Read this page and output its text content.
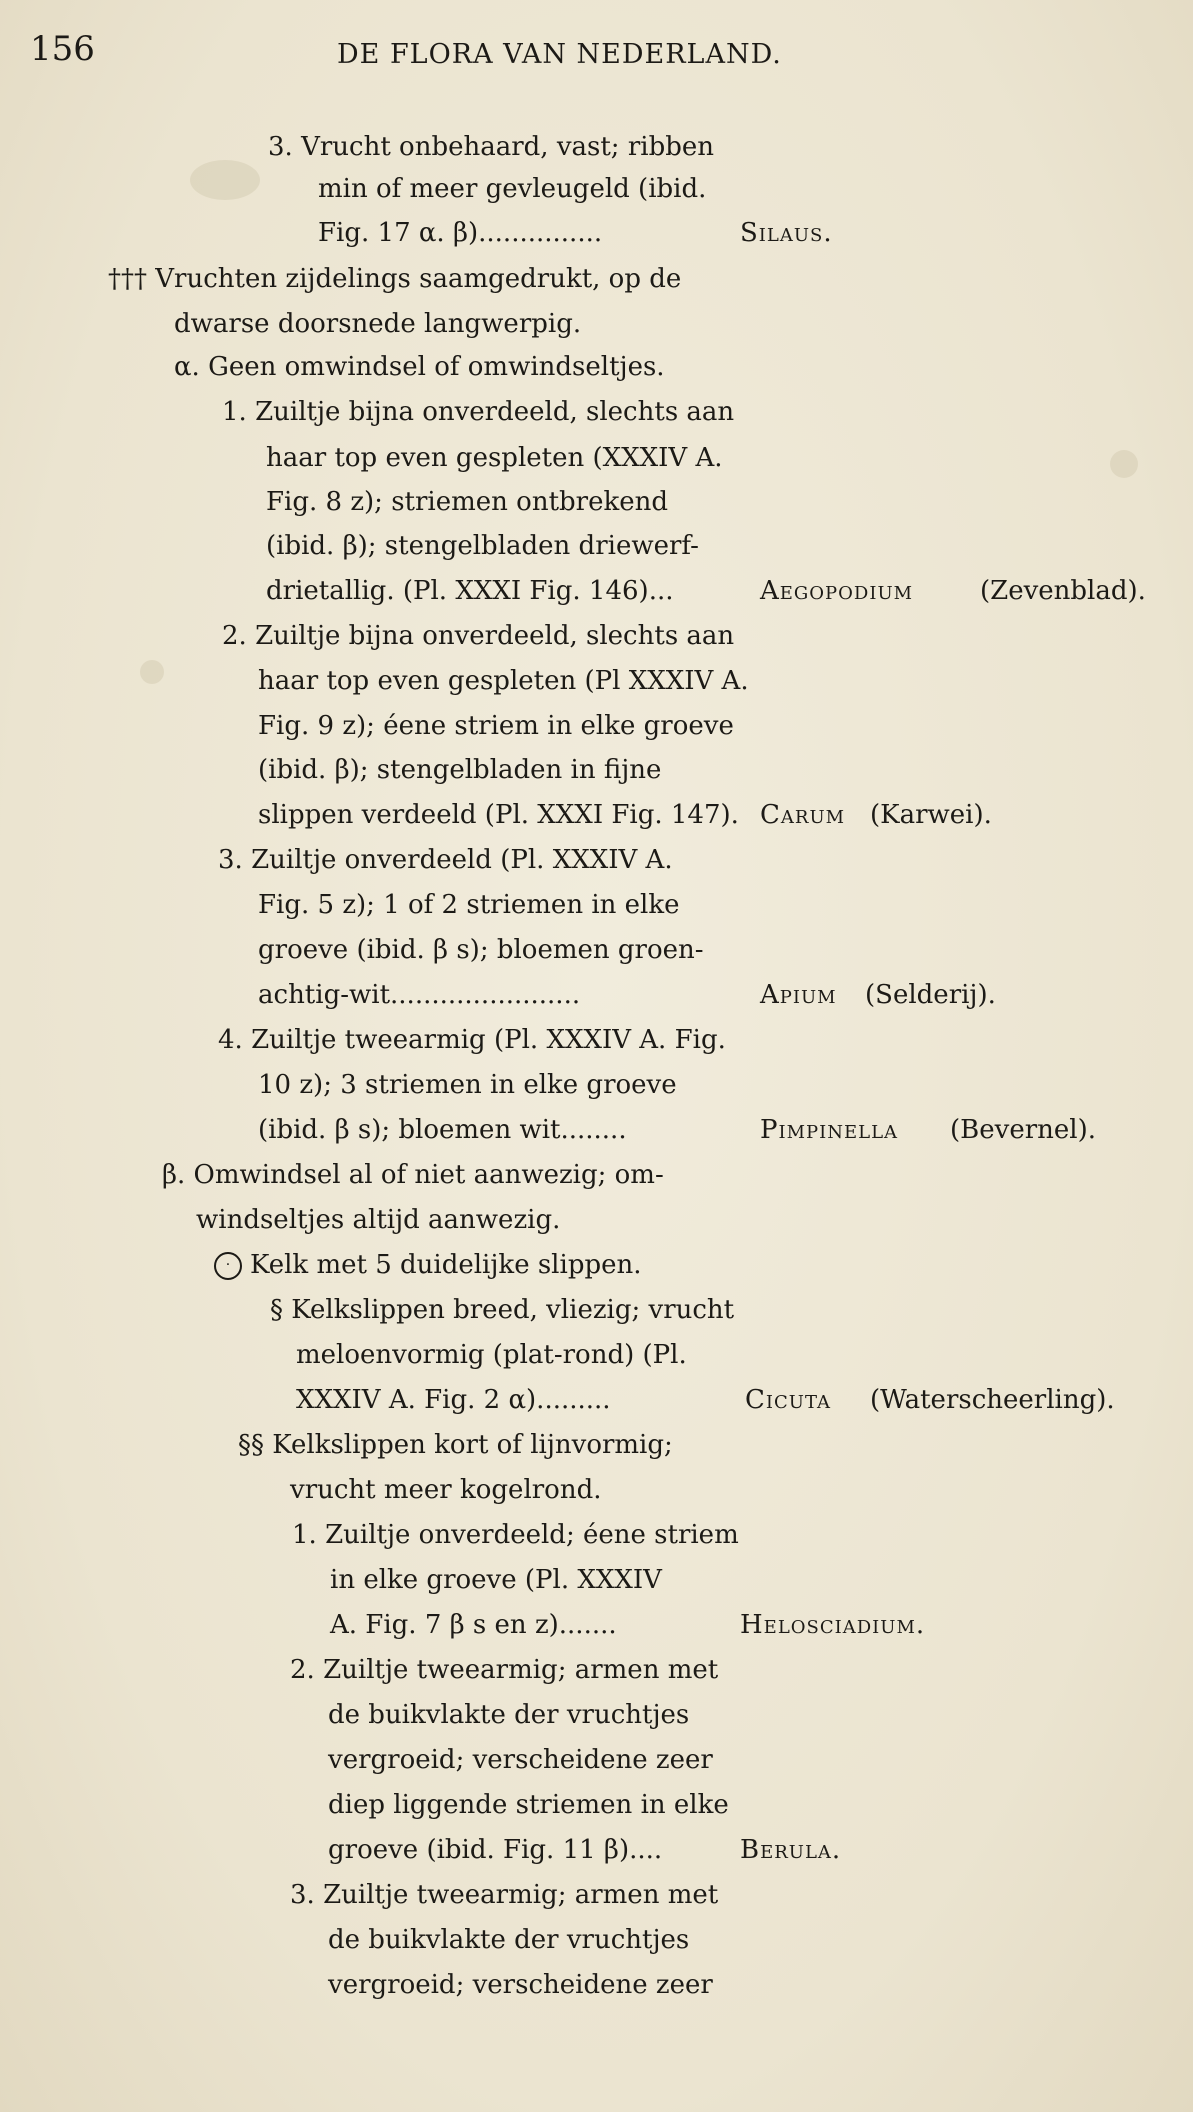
156	DE FLORA VAN NEDERLAND.
3. Vrucht onbehaard, vast; ribben
min of meer gevleugeld (ibid.
Fig. 17 α. β)...............	Silaus.
††† Vruchten zijdelings saamgedrukt, op de
dwarse doorsnede langwerpig.
α. Geen omwindsel of omwindseltjes.
1. Zuiltje bijna onverdeeld, slechts aan
haar top even gespleten (XXXIV A.
Fig. 8 z); striemen ontbrekend
(ibid. β); stengelbladen driewerf-
drietallig. (Pl. XXXI Fig. 146)...	Aegopodium	(Zevenblad).
2. Zuiltje bijna onverdeeld, slechts aan
haar top even gespleten (Pl XXXIV A.
Fig. 9 z); éene striem in elke groeve
(ibid. β); stengelbladen in fijne
slippen verdeeld (Pl. XXXI Fig. 147). Carum (Karwei).
3. Zuiltje onverdeeld (Pl. XXXIV A.
Fig. 5 z); 1 of 2 striemen in elke
groeve (ibid. β s); bloemen groen-
achtig-wit.......................	Apium (Selderij).
4. Zuiltje tweearmig (Pl. XXXIV A. Fig.
10 z); 3 striemen in elke groeve
(ibid. β s); bloemen wit........	Pimpinella (Bevernel).
β. Omwindsel al of niet aanwezig; om-
windseltjes altijd aanwezig.
· Kelk met 5 duidelijke slippen.
§ Kelkslippen breed, vliezig; vrucht
meloenvormig (plat-rond) (Pl.
XXXIV A. Fig. 2 α).........	Cicuta (Waterscheerling).
§§ Kelkslippen kort of lijnvormig;
vrucht meer kogelrond.
1. Zuiltje onverdeeld; éene striem
in elke groeve (Pl. XXXIV
A. Fig. 7 β s en z).......	Helosciadium.
2. Zuiltje tweearmig; armen met
de buikvlakte der vruchtjes
vergroeid; verscheidene zeer
diep liggende striemen in elke
groeve (ibid. Fig. 11 β)....	Berula.
3. Zuiltje tweearmig; armen met
de buikvlakte der vruchtjes
vergroeid; verscheidene zeer
